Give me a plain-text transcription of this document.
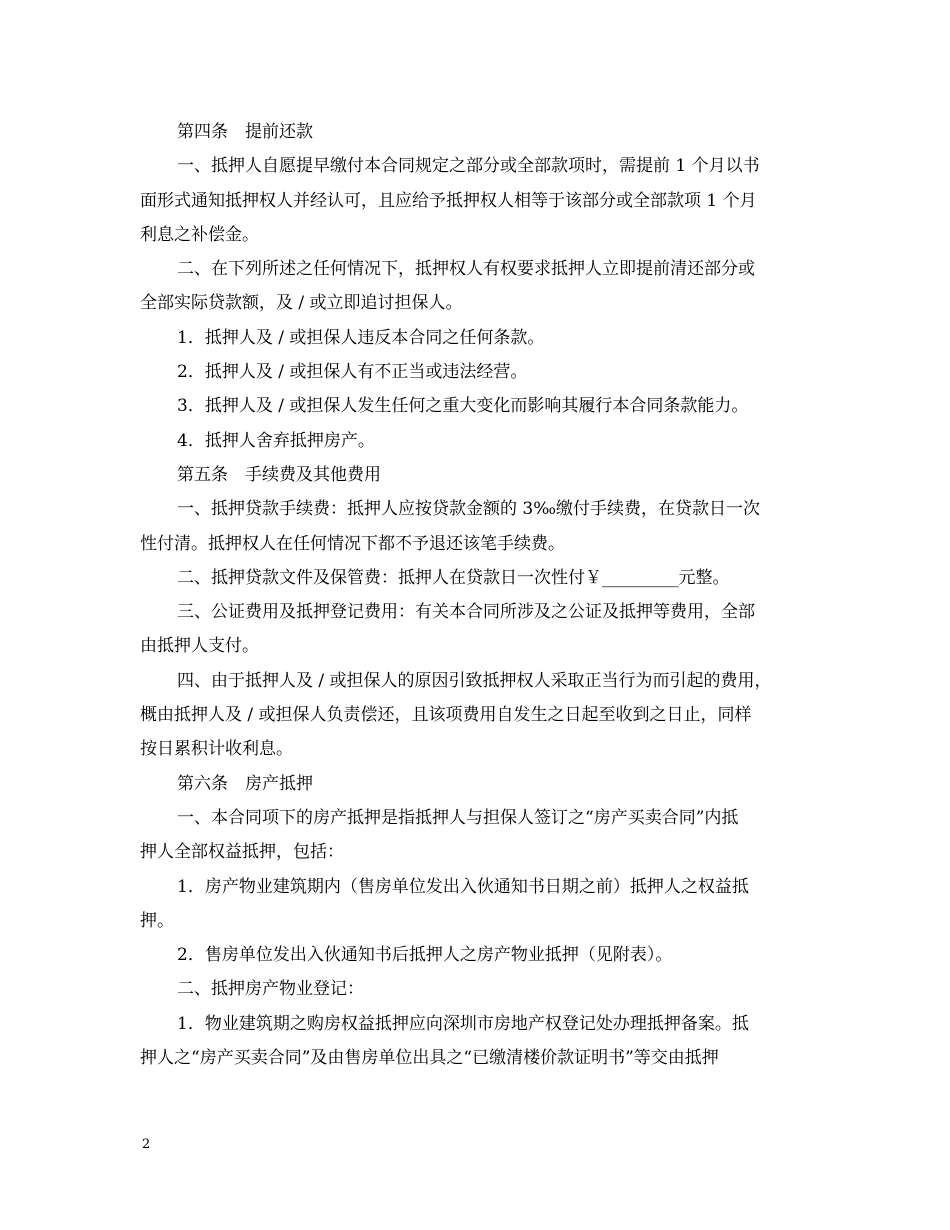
第四条　提前还款
一、抵押人自愿提早缴付本合同规定之部分或全部款项时，需提前 1 个月以书
面形式通知抵押权人并经认可，且应给予抵押权人相等于该部分或全部款项 1 个月
利息之补偿金。
二、在下列所述之任何情况下，抵押权人有权要求抵押人立即提前清还部分或
全部实际贷款额，及 / 或立即追讨担保人。
1．抵押人及 / 或担保人违反本合同之任何条款。
2．抵押人及 / 或担保人有不正当或违法经营。
3．抵押人及 / 或担保人发生任何之重大变化而影响其履行本合同条款能力。
4．抵押人舍弃抵押房产。
第五条　手续费及其他费用
一、抵押贷款手续费：抵押人应按贷款金额的 3‰缴付手续费，在贷款日一次
性付清。抵押权人在任何情况下都不予退还该笔手续费。
二、抵押贷款文件及保管费：抵押人在贷款日一次性付￥_________元整。
三、公证费用及抵押登记费用：有关本合同所涉及之公证及抵押等费用，全部
由抵押人支付。
四、由于抵押人及 / 或担保人的原因引致抵押权人采取正当行为而引起的费用，
概由抵押人及 / 或担保人负责偿还，且该项费用自发生之日起至收到之日止，同样
按日累积计收利息。
第六条　房产抵押
一、本合同项下的房产抵押是指抵押人与担保人签订之“房产买卖合同”内抵
押人全部权益抵押，包括：
1．房产物业建筑期内（售房单位发出入伙通知书日期之前）抵押人之权益抵
押。
2．售房单位发出入伙通知书后抵押人之房产物业抵押（见附表）。
二、抵押房产物业登记：
1．物业建筑期之购房权益抵押应向深圳市房地产权登记处办理抵押备案。抵
押人之“房产买卖合同”及由售房单位出具之“已缴清楼价款证明书”等交由抵押
2
